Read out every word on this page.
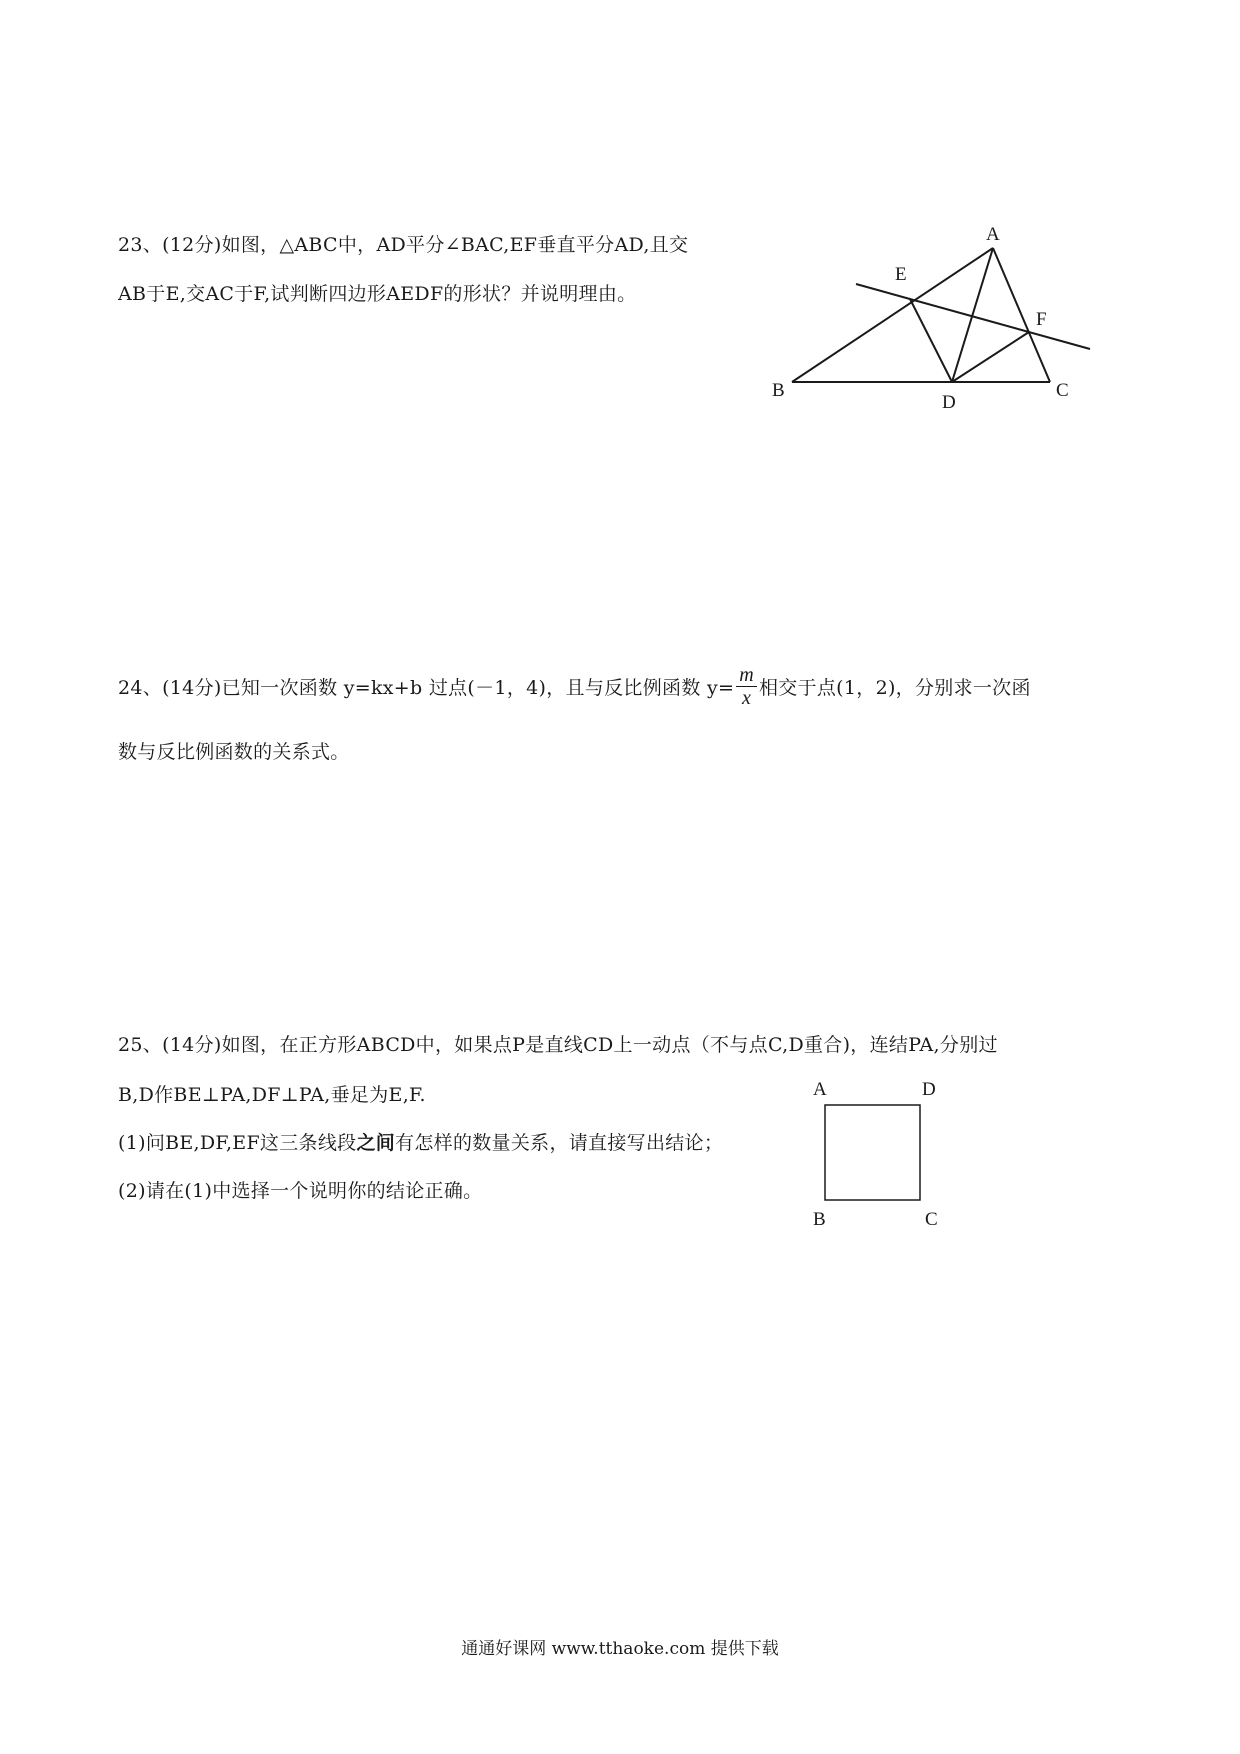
23、(12分)如图，△ABC中，AD平分∠BAC,EF垂直平分AD,且交
AB于E,交AC于F,试判断四边形AEDF的形状？并说明理由。
A
E
F
B
D
C
24、(14分)已知一次函数 y=kx+b 过点(－1，4)，且与反比例函数 $y= \frac{m}{x}$ 相交于点(1，2)，分别求一次函
数与反比例函数的关系式。
25、(14分)如图，在正方形ABCD中，如果点P是直线CD上一动点（不与点C,D重合)，连结PA,分别过
B,D作BE⊥PA,DF⊥PA,垂足为E,F.
(1)问BE,DF,EF这三条线段之间有怎样的数量关系，请直接写出结论；
(2)请在(1)中选择一个说明你的结论正确。
A	D
B	C
通通好课网 www.tthaoke.com 提供下载
